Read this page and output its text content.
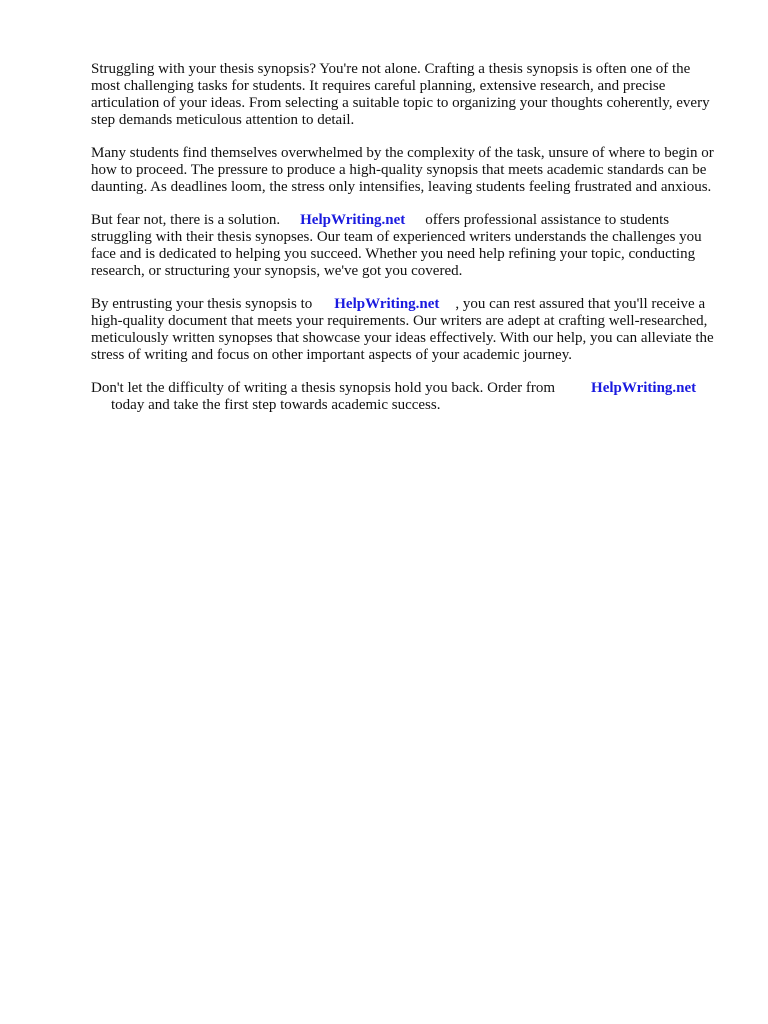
Struggling with your thesis synopsis? You're not alone. Crafting a thesis synopsis is often one of the most challenging tasks for students. It requires careful planning, extensive research, and precise articulation of your ideas. From selecting a suitable topic to organizing your thoughts coherently, every step demands meticulous attention to detail.

Many students find themselves overwhelmed by the complexity of the task, unsure of where to begin or how to proceed. The pressure to produce a high-quality synopsis that meets academic standards can be daunting. As deadlines loom, the stress only intensifies, leaving students feeling frustrated and anxious.

But fear not, there is a solution. HelpWriting.net offers professional assistance to students struggling with their thesis synopses. Our team of experienced writers understands the challenges you face and is dedicated to helping you succeed. Whether you need help refining your topic, conducting research, or structuring your synopsis, we've got you covered.

By entrusting your thesis synopsis to HelpWriting.net , you can rest assured that you'll receive a high-quality document that meets your requirements. Our writers are adept at crafting well-researched, meticulously written synopses that showcase your ideas effectively. With our help, you can alleviate the stress of writing and focus on other important aspects of your academic journey.

Don't let the difficulty of writing a thesis synopsis hold you back. Order from HelpWriting.net
today and take the first step towards academic success.
